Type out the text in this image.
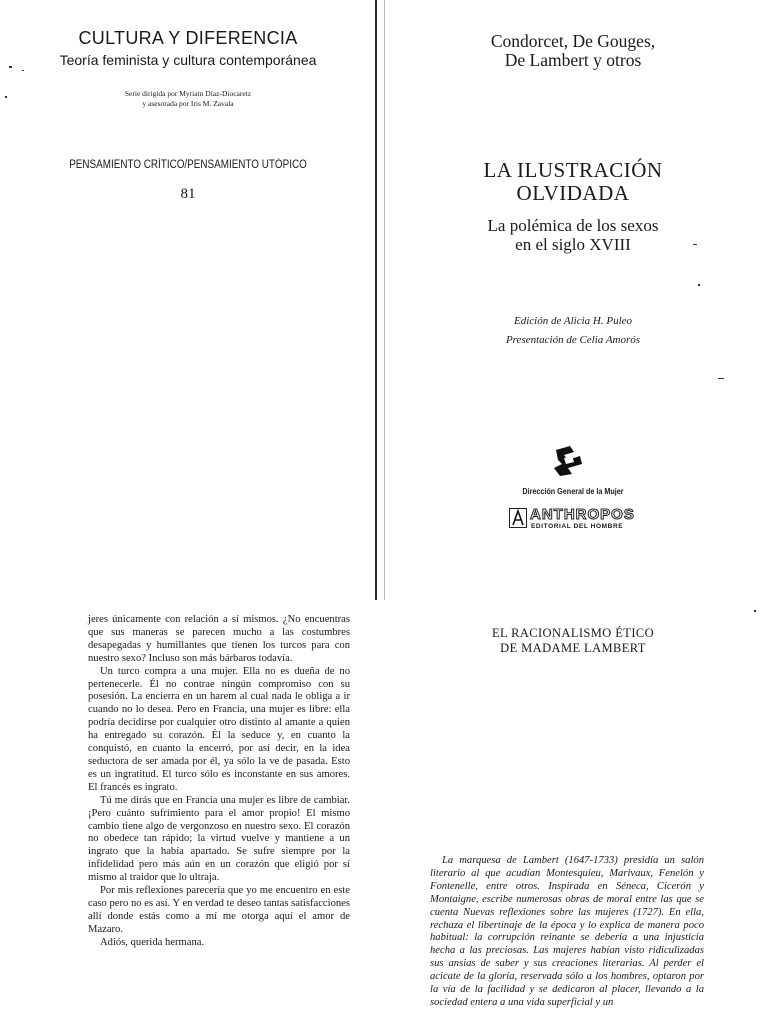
CULTURA Y DIFERENCIA
Teoría feminista y cultura contemporánea
Serie dirigida por Myriam Díaz-Diocaretz
y asesorada por Iris M. Zavala
PENSAMIENTO CRÍTICO/PENSAMIENTO UTÓPICO
81
Condorcet, De Gouges,
De Lambert y otros
LA ILUSTRACIÓN
OLVIDADA
La polémica de los sexos
en el siglo XVIII
Edición de Alicia H. Puleo
Presentación de Celia Amorós
Dirección General de la Mujer
ANTHROPOS
EDITORIAL DEL HOMBRE

jeres únicamente con relación a sí mismos. ¿No encuentras que sus maneras se parecen mucho a las costumbres desapegadas y humillantes que tienen los turcos para con nuestro sexo? Incluso son más bárbaros todavía.

Un turco compra a una mujer. Ella no es dueña de no pertenecerle. Él no contrae ningún compromiso con su posesión. La encierra en un harem al cual nada le obliga a ir cuando no lo desea. Pero en Francia, una mujer es libre: ella podría decidirse por cualquier otro distinto al amante a quien ha entregado su corazón. Él la seduce y, en cuanto la conquistó, en cuanto la encerró, por así decir, en la idea seductora de ser amada por él, ya sólo la ve de pasada. Esto es un ingratitud. El turco sólo es inconstante en sus amores. El francés es ingrato.

Tú me dirás que en Francia una mujer es libre de cambiar. ¡Pero cuánto sufrimiento para el amor propio! El mismo cambio tiene algo de vergonzoso en nuestro sexo. El corazón no obedece tan rápido; la virtud vuelve y mantiene a un ingrato que la había apartado. Se sufre siempre por la infidelidad pero más aún en un corazón que eligió por sí mismo al traidor que lo ultraja.

Por mis reflexiones parecería que yo me encuentro en este caso pero no es así. Y en verdad te deseo tantas satisfacciones allí donde estás como a mí me otorga aquí el amor de Mazaro.

Adiós, querida hermana.

EL RACIONALISMO ÉTICO
DE MADAME LAMBERT
La marquesa de Lambert (1647-1733) presidía un salón literario al que acudían Montesquieu, Marivaux, Fenelón y Fontenelle, entre otros. Inspirada en Séneca, Cicerón y Montaigne, escribe numerosas obras de moral entre las que se cuenta Nuevas reflexiones sobre las mujeres (1727). En ella, rechaza el libertinaje de la época y lo explica de manera poco habitual: la corrupción reinante se debería a una injusticia hecha a las preciosas. Las mujeres habían visto ridiculizadas sus ansias de saber y sus creaciones literarias. Al perder el acicate de la gloria, reservada sólo a los hombres, optaron por la vía de la facilidad y se dedicaron al placer, llevando a la sociedad entera a una vida superficial y un
